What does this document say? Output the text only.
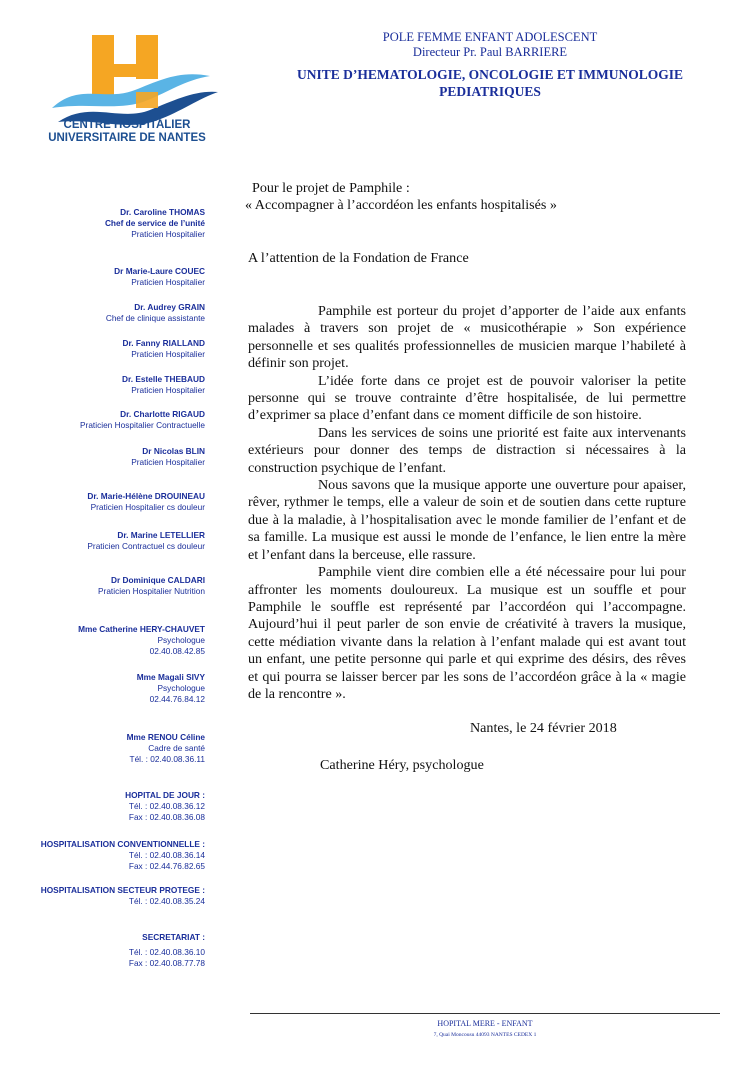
CENTRE HOSPITALIER
UNIVERSITAIRE DE NANTES
POLE FEMME ENFANT ADOLESCENT
Directeur Pr. Paul BARRIERE
UNITE D’HEMATOLOGIE, ONCOLOGIE ET IMMUNOLOGIE
PEDIATRIQUES
Dr. Caroline THOMAS
Chef de service de l’unité
Praticien Hospitalier
Dr Marie-Laure COUEC
Praticien Hospitalier
Dr. Audrey GRAIN
Chef de clinique assistante
Dr. Fanny RIALLAND
Praticien Hospitalier
Dr. Estelle THEBAUD
Praticien Hospitalier
Dr. Charlotte RIGAUD
Praticien Hospitalier Contractuelle
Dr Nicolas BLIN
Praticien Hospitalier
Dr. Marie-Hélène DROUINEAU
Praticien Hospitalier cs douleur
Dr. Marine LETELLIER
Praticien Contractuel cs douleur
Dr Dominique CALDARI
Praticien Hospitalier Nutrition
Mme Catherine HERY-CHAUVET
Psychologue
02.40.08.42.85
Mme Magali SIVY
Psychologue
02.44.76.84.12
Mme RENOU Céline
Cadre de santé
Tél. : 02.40.08.36.11
HOPITAL DE JOUR :
Tél. : 02.40.08.36.12
Fax : 02.40.08.36.08
HOSPITALISATION CONVENTIONNELLE :
Tél. : 02.40.08.36.14
Fax : 02.44.76.82.65
HOSPITALISATION SECTEUR PROTEGE :
Tél. : 02.40.08.35.24
SECRETARIAT :
Tél. : 02.40.08.36.10
Fax : 02.40.08.77.78
Pour le projet de Pamphile :
« Accompagner à l’accordéon les enfants hospitalisés »
A l’attention de la Fondation de France

Pamphile est porteur du projet d’apporter de l’aide aux enfants malades à travers son projet de « musicothérapie » Son expérience personnelle et ses qualités professionnelles de musicien marque l’habileté à définir son projet.

L’idée forte dans ce projet est de pouvoir valoriser la petite personne qui se trouve contrainte d’être hospitalisée, de lui permettre d’exprimer sa place d’enfant dans ce moment difficile de son histoire.

Dans les services de soins une priorité est faite aux intervenants extérieurs pour donner des temps de distraction si nécessaires à la construction psychique de l’enfant.

Nous savons que la musique apporte une ouverture pour apaiser, rêver, rythmer le temps, elle a valeur de soin et de soutien dans cette rupture due à la maladie, à l’hospitalisation avec le monde familier de l’enfant et de sa famille. La musique est aussi le monde de l’enfance, le lien entre la mère et l’enfant dans la berceuse, elle rassure.

Pamphile vient dire combien elle a été nécessaire pour lui pour affronter les moments douloureux. La musique est un souffle et pour Pamphile le souffle est représenté par l’accordéon qui l’accompagne. Aujourd’hui il peut parler de son envie de créativité à travers la musique, cette médiation vivante dans la relation à l’enfant malade qui est avant tout un enfant, une petite personne qui parle et qui exprime des désirs, des rêves et qui pourra se laisser bercer par les sons de l’accordéon grâce à la « magie de la rencontre ».

Nantes, le 24 février 2018
Catherine Héry, psychologue
HOPITAL MERE - ENFANT
7, Quai Moncousu 44093 NANTES CEDEX 1
